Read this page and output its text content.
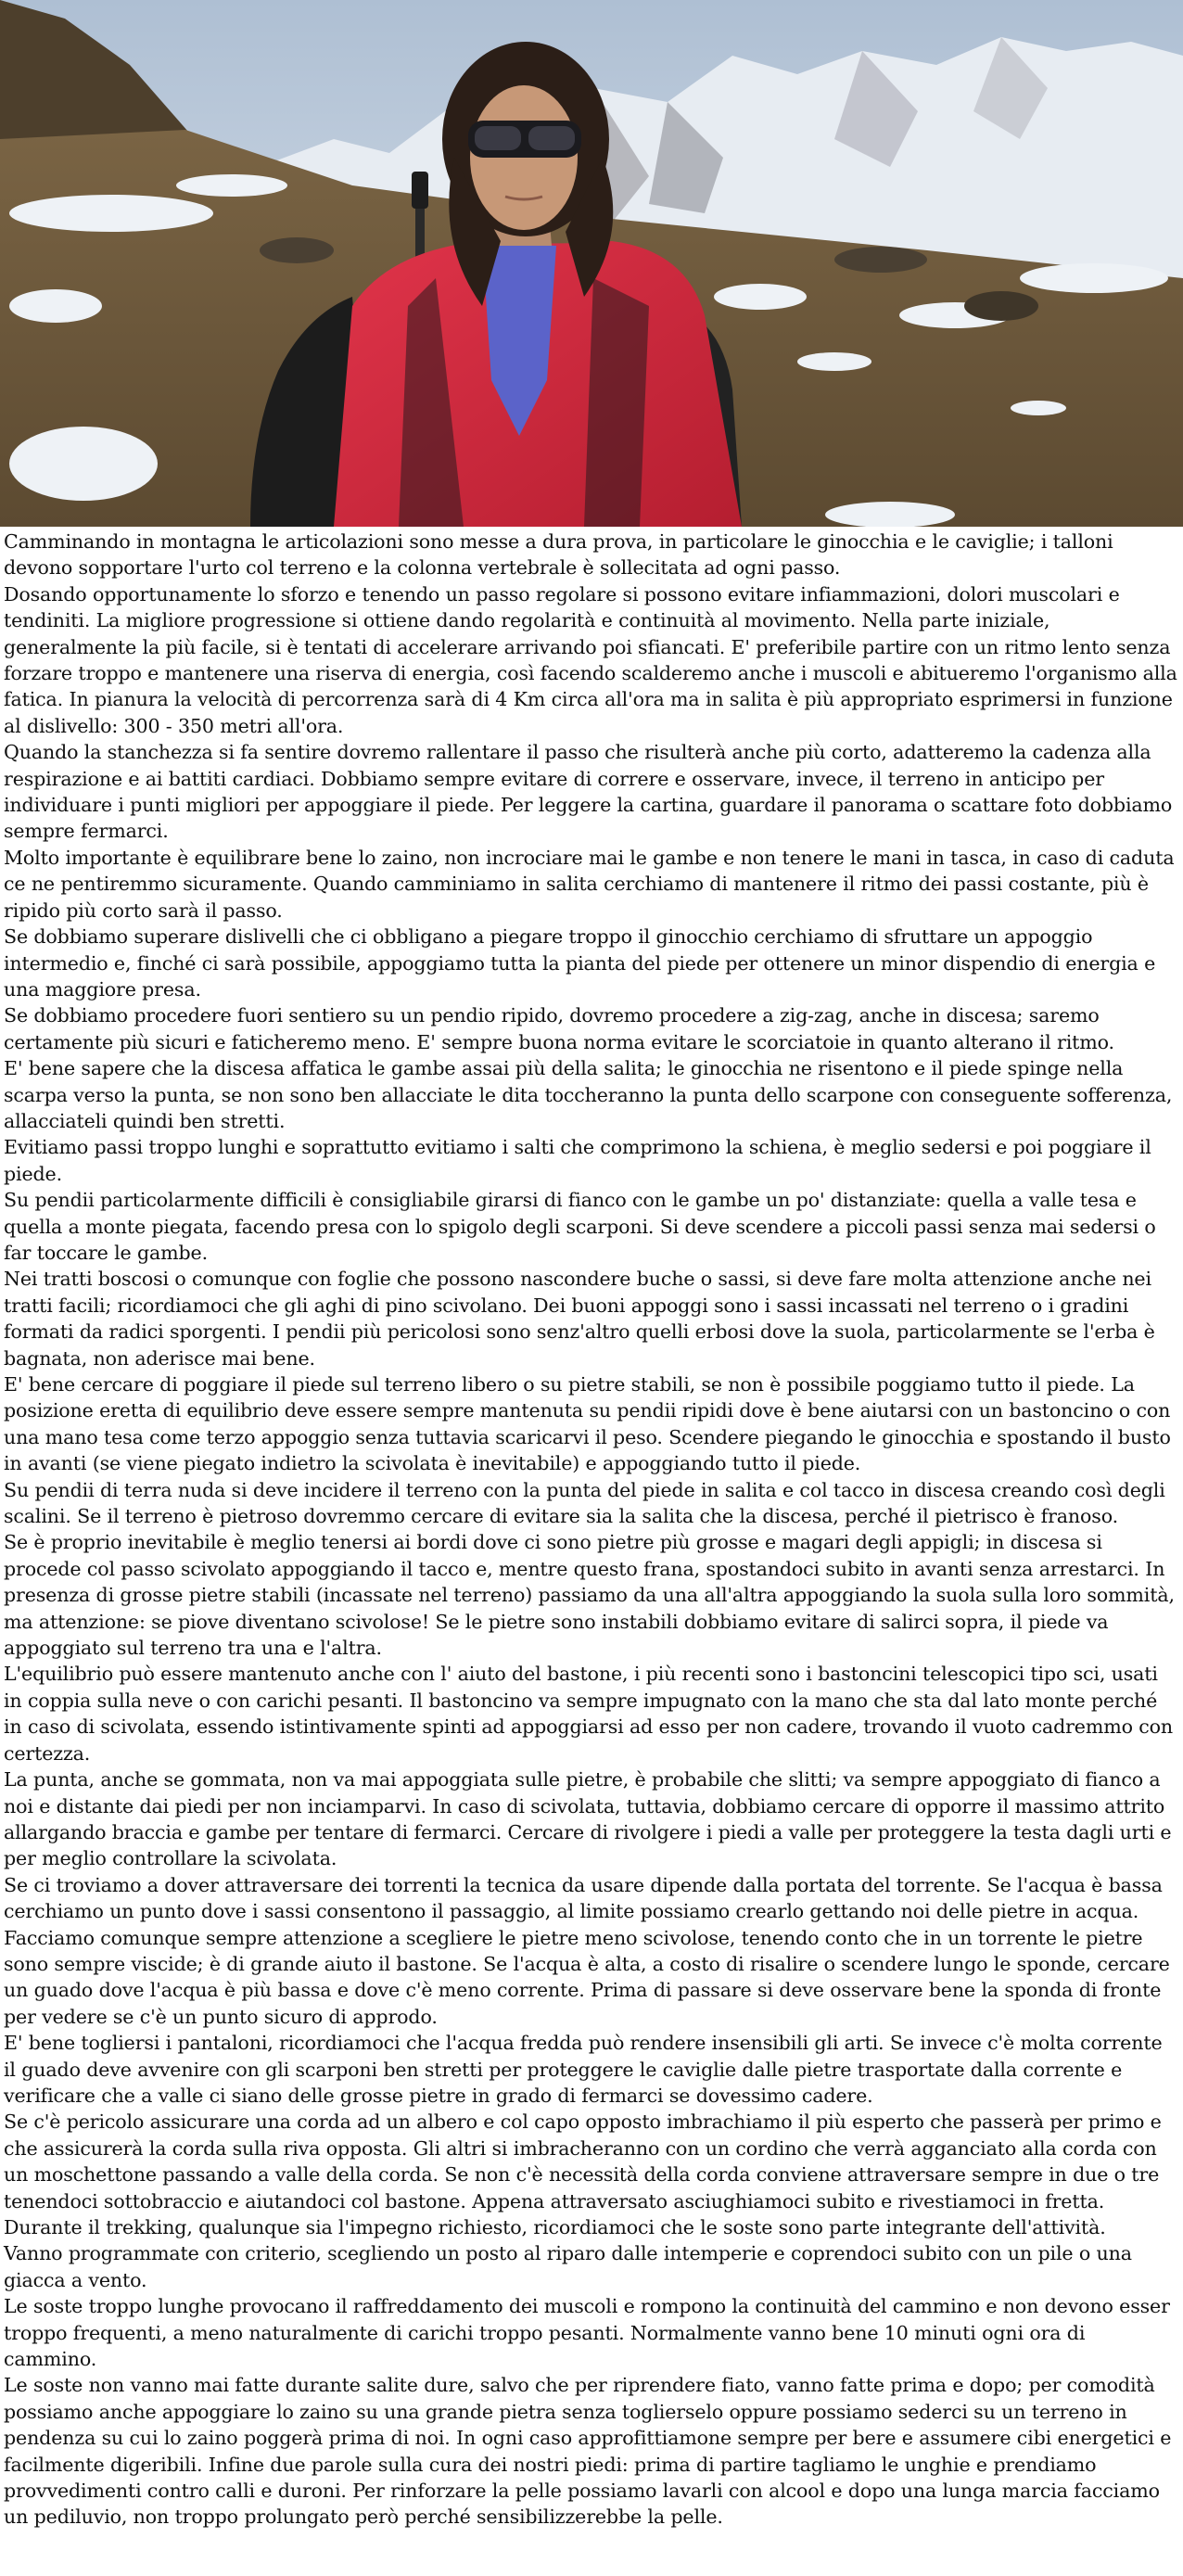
Camminando in montagna le articolazioni sono messe a dura prova, in particolare le ginocchia e le caviglie; i talloni devono sopportare l'urto col terreno e la colonna vertebrale è sollecitata ad ogni passo.

Dosando opportunamente lo sforzo e tenendo un passo regolare si possono evitare infiammazioni, dolori muscolari e tendiniti. La migliore progressione si ottiene dando regolarità e continuità al movimento. Nella parte iniziale, generalmente la più facile, si è tentati di accelerare arrivando poi sfiancati. E' preferibile partire con un ritmo lento senza forzare troppo e mantenere una riserva di energia, così facendo scalderemo anche i muscoli e abitueremo l'organismo alla fatica. In pianura la velocità di percorrenza sarà di 4 Km circa all'ora ma in salita è più appropriato esprimersi in funzione al dislivello: 300 - 350 metri all'ora.

Quando la stanchezza si fa sentire dovremo rallentare il passo che risulterà anche più corto, adatteremo la cadenza alla respirazione e ai battiti cardiaci. Dobbiamo sempre evitare di correre e osservare, invece, il terreno in anticipo per individuare i punti migliori per appoggiare il piede. Per leggere la cartina, guardare il panorama o scattare foto dobbiamo sempre fermarci.

Molto importante è equilibrare bene lo zaino, non incrociare mai le gambe e non tenere le mani in tasca, in caso di caduta ce ne pentiremmo sicuramente. Quando camminiamo in salita cerchiamo di mantenere il ritmo dei passi costante, più è ripido più corto sarà il passo.

Se dobbiamo superare dislivelli che ci obbligano a piegare troppo il ginocchio cerchiamo di sfruttare un appoggio intermedio e, finché ci sarà possibile, appoggiamo tutta la pianta del piede per ottenere un minor dispendio di energia e una maggiore presa.

Se dobbiamo procedere fuori sentiero su un pendio ripido, dovremo procedere a zig-zag, anche in discesa; saremo certamente più sicuri e faticheremo meno. E' sempre buona norma evitare le scorciatoie in quanto alterano il ritmo.

E' bene sapere che la discesa affatica le gambe assai più della salita; le ginocchia ne risentono e il piede spinge nella scarpa verso la punta, se non sono ben allacciate le dita toccheranno la punta dello scarpone con conseguente sofferenza, allacciateli quindi ben stretti.

Evitiamo passi troppo lunghi e soprattutto evitiamo i salti che comprimono la schiena, è meglio sedersi e poi poggiare il piede.

Su pendii particolarmente difficili è consigliabile girarsi di fianco con le gambe un po' distanziate: quella a valle tesa e quella a monte piegata, facendo presa con lo spigolo degli scarponi. Si deve scendere a piccoli passi senza mai sedersi o far toccare le gambe.

Nei tratti boscosi o comunque con foglie che possono nascondere buche o sassi, si deve fare molta attenzione anche nei tratti facili; ricordiamoci che gli aghi di pino scivolano. Dei buoni appoggi sono i sassi incassati nel terreno o i gradini formati da radici sporgenti. I pendii più pericolosi sono senz'altro quelli erbosi dove la suola, particolarmente se l'erba è bagnata, non aderisce mai bene.

E' bene cercare di poggiare il piede sul terreno libero o su pietre stabili, se non è possibile poggiamo tutto il piede. La posizione eretta di equilibrio deve essere sempre mantenuta su pendii ripidi dove è bene aiutarsi con un bastoncino o con una mano tesa come terzo appoggio senza tuttavia scaricarvi il peso. Scendere piegando le ginocchia e spostando il busto in avanti (se viene piegato indietro la scivolata è inevitabile) e appoggiando tutto il piede.

Su pendii di terra nuda si deve incidere il terreno con la punta del piede in salita e col tacco in discesa creando così degli scalini. Se il terreno è pietroso dovremmo cercare di evitare sia la salita che la discesa, perché il pietrisco è franoso.

Se è proprio inevitabile è meglio tenersi ai bordi dove ci sono pietre più grosse e magari degli appigli; in discesa si procede col passo scivolato appoggiando il tacco e, mentre questo frana, spostandoci subito in avanti senza arrestarci. In presenza di grosse pietre stabili (incassate nel terreno) passiamo da una all'altra appoggiando la suola sulla loro sommità, ma attenzione: se piove diventano scivolose! Se le pietre sono instabili dobbiamo evitare di salirci sopra, il piede va appoggiato sul terreno tra una e l'altra.

L'equilibrio può essere mantenuto anche con l' aiuto del bastone, i più recenti sono i bastoncini telescopici tipo sci, usati in coppia sulla neve o con carichi pesanti. Il bastoncino va sempre impugnato con la mano che sta dal lato monte perché in caso di scivolata, essendo istintivamente spinti ad appoggiarsi ad esso per non cadere, trovando il vuoto cadremmo con certezza.

La punta, anche se gommata, non va mai appoggiata sulle pietre, è probabile che slitti; va sempre appoggiato di fianco a noi e distante dai piedi per non inciamparvi. In caso di scivolata, tuttavia, dobbiamo cercare di opporre il massimo attrito allargando braccia e gambe per tentare di fermarci. Cercare di rivolgere i piedi a valle per proteggere la testa dagli urti e per meglio controllare la scivolata.

Se ci troviamo a dover attraversare dei torrenti la tecnica da usare dipende dalla portata del torrente. Se l'acqua è bassa cerchiamo un punto dove i sassi consentono il passaggio, al limite possiamo crearlo gettando noi delle pietre in acqua.

Facciamo comunque sempre attenzione a scegliere le pietre meno scivolose, tenendo conto che in un torrente le pietre sono sempre viscide; è di grande aiuto il bastone. Se l'acqua è alta, a costo di risalire o scendere lungo le sponde, cercare un guado dove l'acqua è più bassa e dove c'è meno corrente. Prima di passare si deve osservare bene la sponda di fronte per vedere se c'è un punto sicuro di approdo.

E' bene togliersi i pantaloni, ricordiamoci che l'acqua fredda può rendere insensibili gli arti. Se invece c'è molta corrente il guado deve avvenire con gli scarponi ben stretti per proteggere le caviglie dalle pietre trasportate dalla corrente e verificare che a valle ci siano delle grosse pietre in grado di fermarci se dovessimo cadere.

Se c'è pericolo assicurare una corda ad un albero e col capo opposto imbrachiamo il più esperto che passerà per primo e che assicurerà la corda sulla riva opposta. Gli altri si imbracheranno con un cordino che verrà agganciato alla corda con un moschettone passando a valle della corda. Se non c'è necessità della corda conviene attraversare sempre in due o tre tenendoci sottobraccio e aiutandoci col bastone. Appena attraversato asciughiamoci subito e rivestiamoci in fretta.

Durante il trekking, qualunque sia l'impegno richiesto, ricordiamoci che le soste sono parte integrante dell'attività.

Vanno programmate con criterio, scegliendo un posto al riparo dalle intemperie e coprendoci subito con un pile o una giacca a vento.

Le soste troppo lunghe provocano il raffreddamento dei muscoli e rompono la continuità del cammino e non devono esser troppo frequenti, a meno naturalmente di carichi troppo pesanti. Normalmente vanno bene 10 minuti ogni ora di cammino.

Le soste non vanno mai fatte durante salite dure, salvo che per riprendere fiato, vanno fatte prima e dopo; per comodità possiamo anche appoggiare lo zaino su una grande pietra senza toglierselo oppure possiamo sederci su un terreno in pendenza su cui lo zaino poggerà prima di noi. In ogni caso approfittiamone sempre per bere e assumere cibi energetici e facilmente digeribili. Infine due parole sulla cura dei nostri piedi: prima di partire tagliamo le unghie e prendiamo provvedimenti contro calli e duroni. Per rinforzare la pelle possiamo lavarli con alcool e dopo una lunga marcia facciamo un pediluvio, non troppo prolungato però perché sensibilizzerebbe la pelle.
